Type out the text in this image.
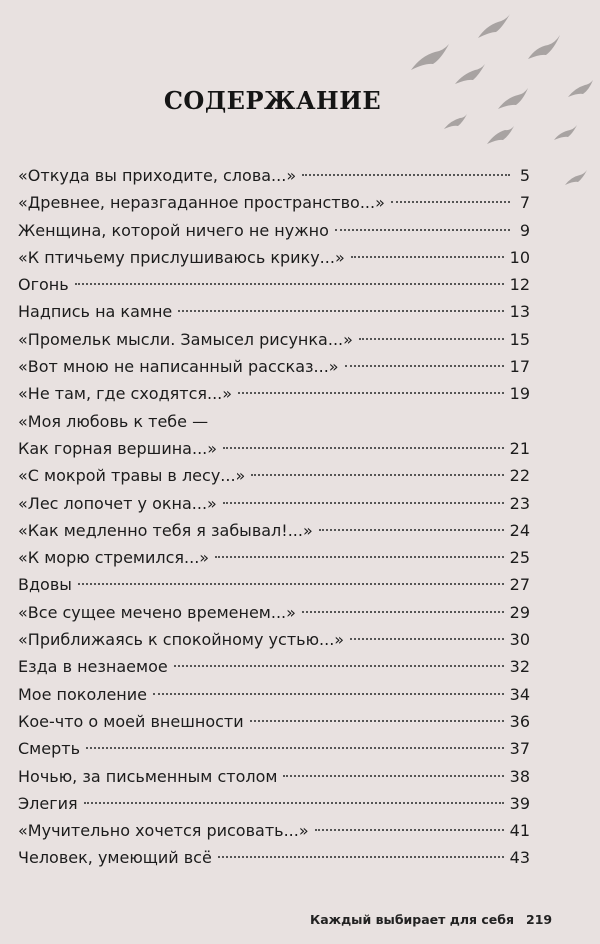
СОДЕРЖАНИЕ
«Откуда вы приходите, слова...»	5
«Древнее, неразгаданное пространство...»	7
Женщина, которой ничего не нужно	9
«К птичьему прислушиваюсь крику...»	10
Огонь	12
Надпись на камне	13
«Промельк мысли. Замысел рисунка...»	15
«Вот мною не написанный рассказ...»	17
«Не там, где сходятся...»	19
«Моя любовь к тебе —
Как горная вершина...»	21
«С мокрой травы в лесу...»	22
«Лес лопочет у окна...»	23
«Как медленно тебя я забывал!...»	24
«К морю стремился...»	25
Вдовы	27
«Все сущее мечено временем...»	29
«Приближаясь к спокойному устью...»	30
Езда в незнаемое	32
Мое поколение	34
Кое-что о моей внешности	36
Смерть	37
Ночью, за письменным столом	38
Элегия	39
«Мучительно хочется рисовать...»	41
Человек, умеющий всё	43
Каждый выбирает для себя 219
